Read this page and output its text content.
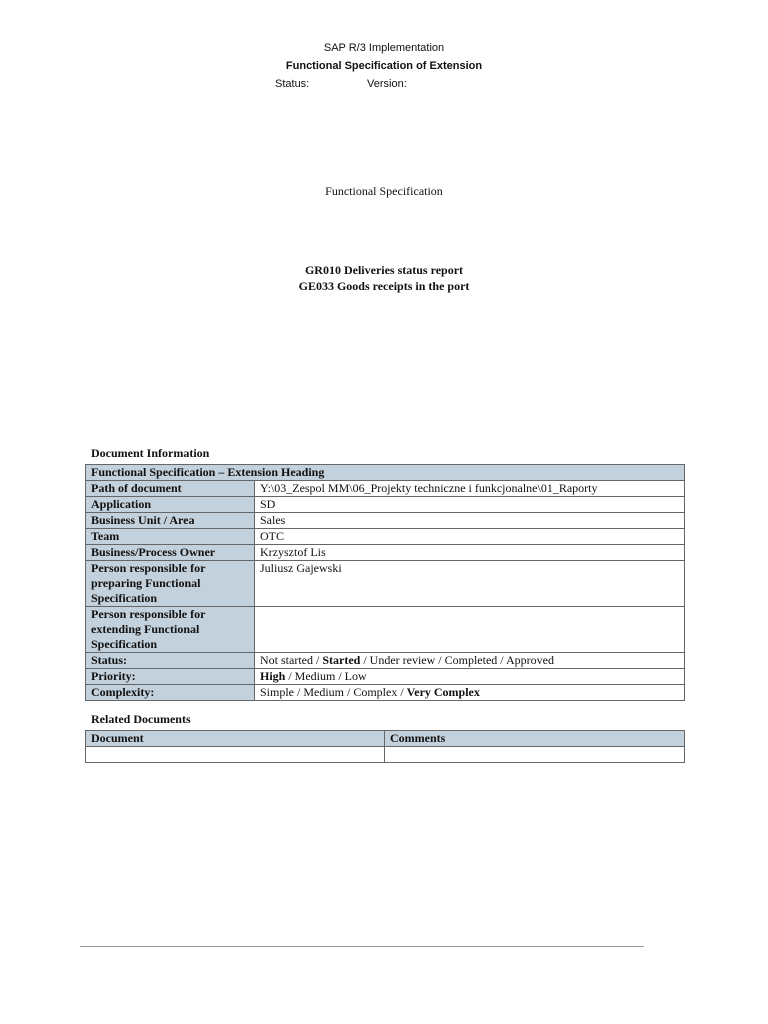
SAP R/3 Implementation
Functional Specification of Extension
Status:	Version:
Functional Specification
GR010 Deliveries status report
GE033 Goods receipts in the port
Document Information
Functional Specification – Extension Heading	
Path of document	Y:\03_Zespol MM\06_Projekty techniczne i funkcjonalne\01_Raporty
Application	SD
Business Unit / Area	Sales
Team	OTC
Business/Process Owner	Krzysztof Lis
Person responsible for preparing Functional Specification	Juliusz Gajewski
Person responsible for extending Functional Specification	
Status:	Not started / Started / Under review / Completed / Approved
Priority:	High / Medium / Low
Complexity:	Simple / Medium / Complex / Very Complex
Related Documents
Document	Comments
